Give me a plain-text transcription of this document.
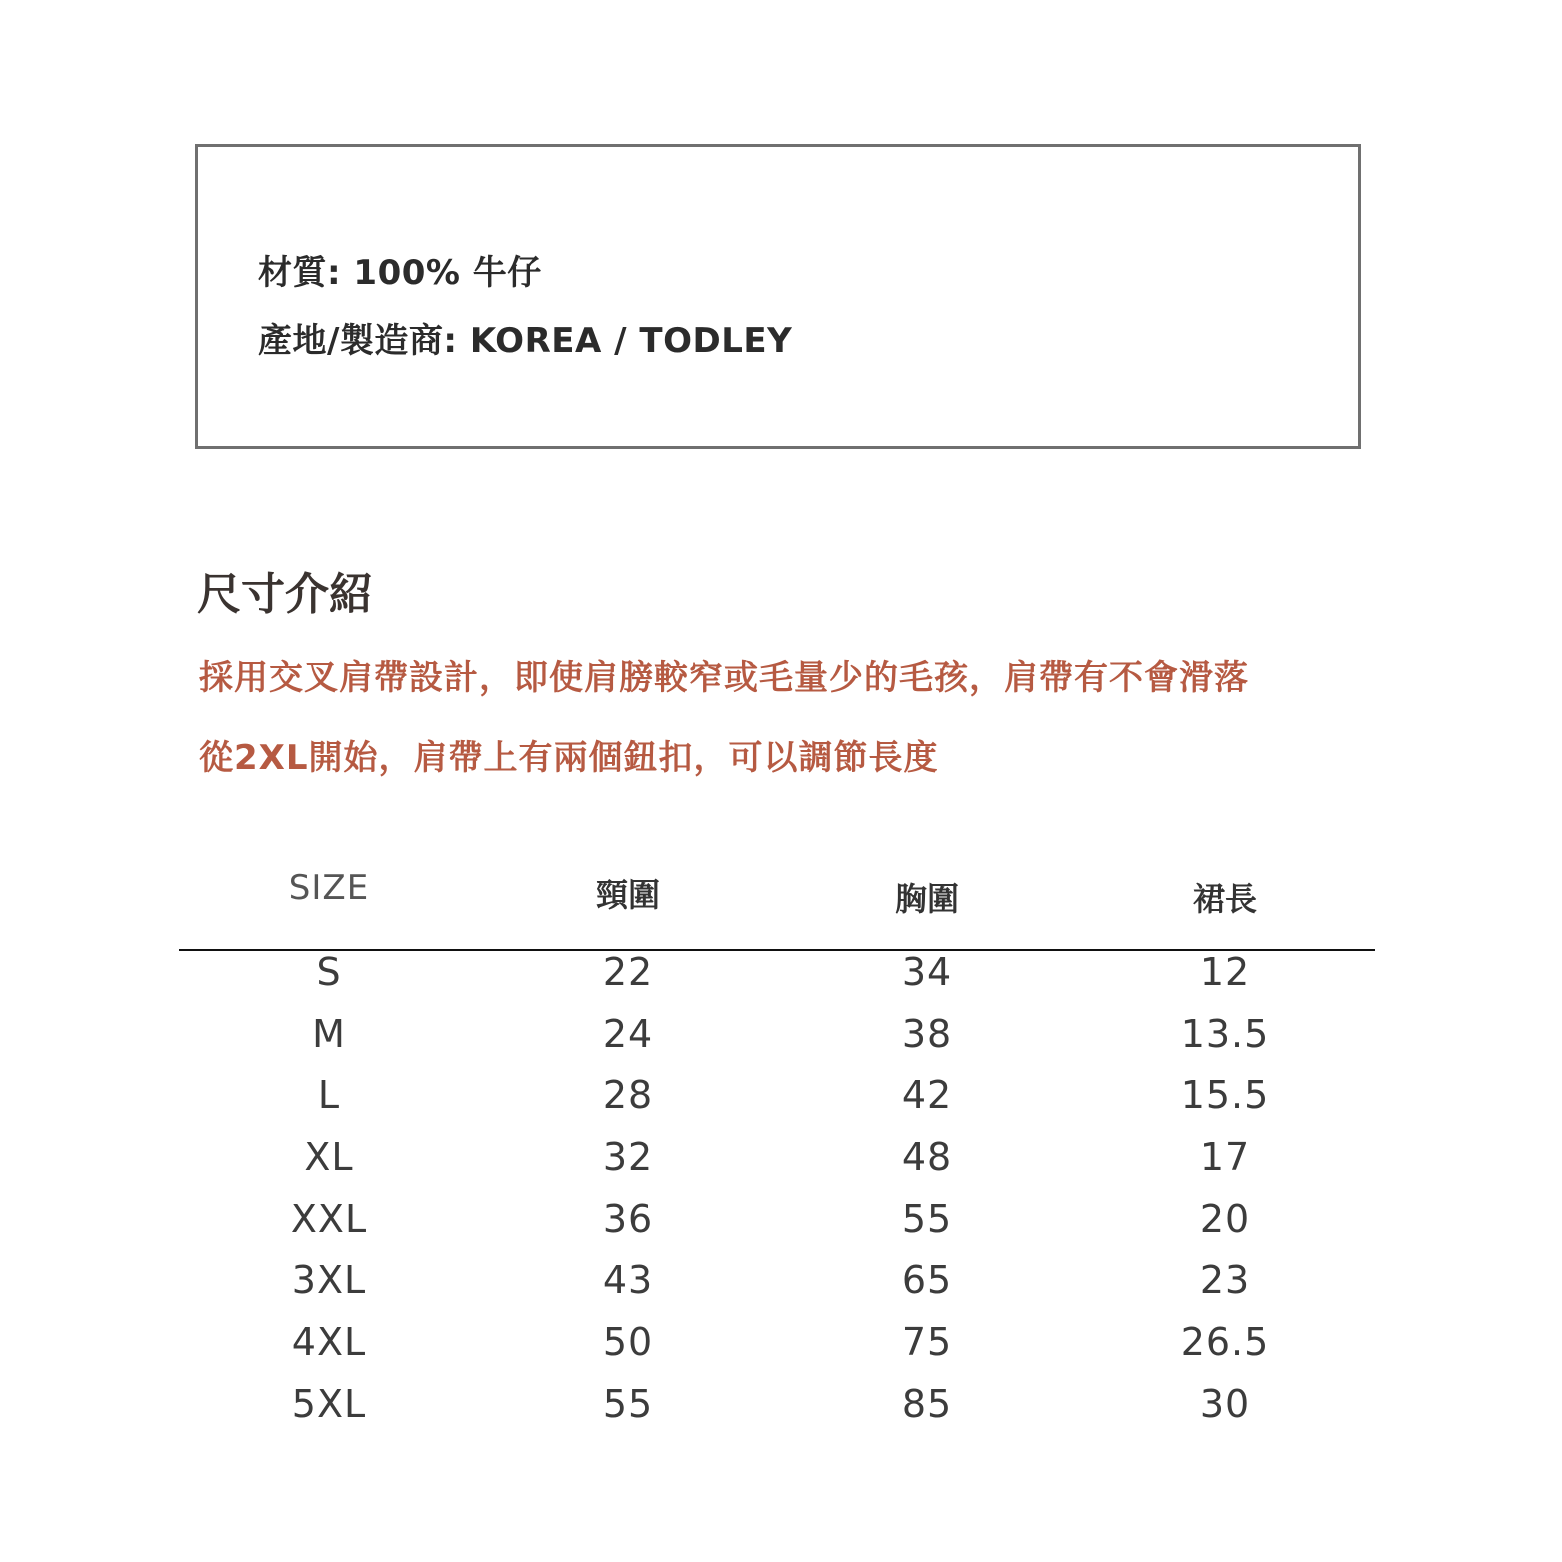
材質: 100% 牛仔
產地/製造商: KOREA / TODLEY
尺寸介紹
採用交叉肩帶設計，即使肩膀較窄或毛量少的毛孩，肩帶有不會滑落
從2XL開始，肩帶上有兩個鈕扣，可以調節長度
SIZE	頸圍	胸圍	裙長
S	22	34	12
M	24	38	13.5
L	28	42	15.5
XL	32	48	17
XXL	36	55	20
3XL	43	65	23
4XL	50	75	26.5
5XL	55	85	30
